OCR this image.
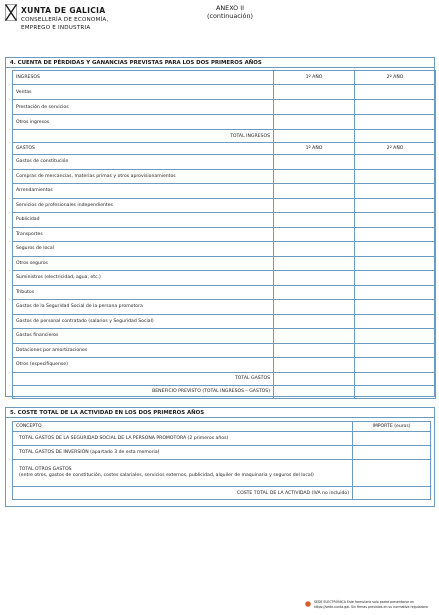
XUNTA DE GALICIA
CONSELLERÍA DE ECONOMÍA,
EMPREGO E INDUSTRIA
ANEXO II
(continuación)
4. CUENTA DE PÉRDIDAS Y GANANCIAS PREVISTAS PARA LOS DOS PRIMEROS AÑOS
INGRESOS	1º AÑO	2º AÑO
Ventas		
Prestación de servicios		
Otros ingresos		
TOTAL INGRESOS		
GASTOS	1º AÑO	2º AÑO
Gastos de constitución		
Compras de mercancías, materias primas y otros aprovisionamientos		
Arrendamientos		
Servicios de profesionales independientes		
Publicidad		
Transportes		
Seguros de local		
Otros seguros		
Suministros (electricidad, agua, etc.)		
Tributos		
Gastos de la Seguridad Social de la persona promotora		
Gastos de personal contratado (salarios y Seguridad Social)		
Gastos financieros		
Dotaciones por amortizaciones		
Otros (especifíquense)		
TOTAL GASTOS		
BENEFICIO PREVISTO (TOTAL INGRESOS – GASTOS)		
5. COSTE TOTAL DE LA ACTIVIDAD EN LOS DOS PRIMEROS AÑOS
CONCEPTO	IMPORTE (euros)
TOTAL GASTOS DE LA SEGURIDAD SOCIAL DE LA PERSONA PROMOTORA (2 primeros años)	
TOTAL GASTOS DE INVERSIÓN (apartado 3 de esta memoria)	
TOTAL OTROS GASTOS
(entre otros, gastos de constitución, costes salariales, servicios externos, publicidad, alquiler de maquinaria y seguros del local)	
COSTE TOTAL DE LA ACTIVIDAD (IVA no incluido)	
SEDE ELECTRÓNICA Este formulario solo podrá presentarse en
https://sede.xunta.gal. Sin firmas previstas en su normativa reguladora
